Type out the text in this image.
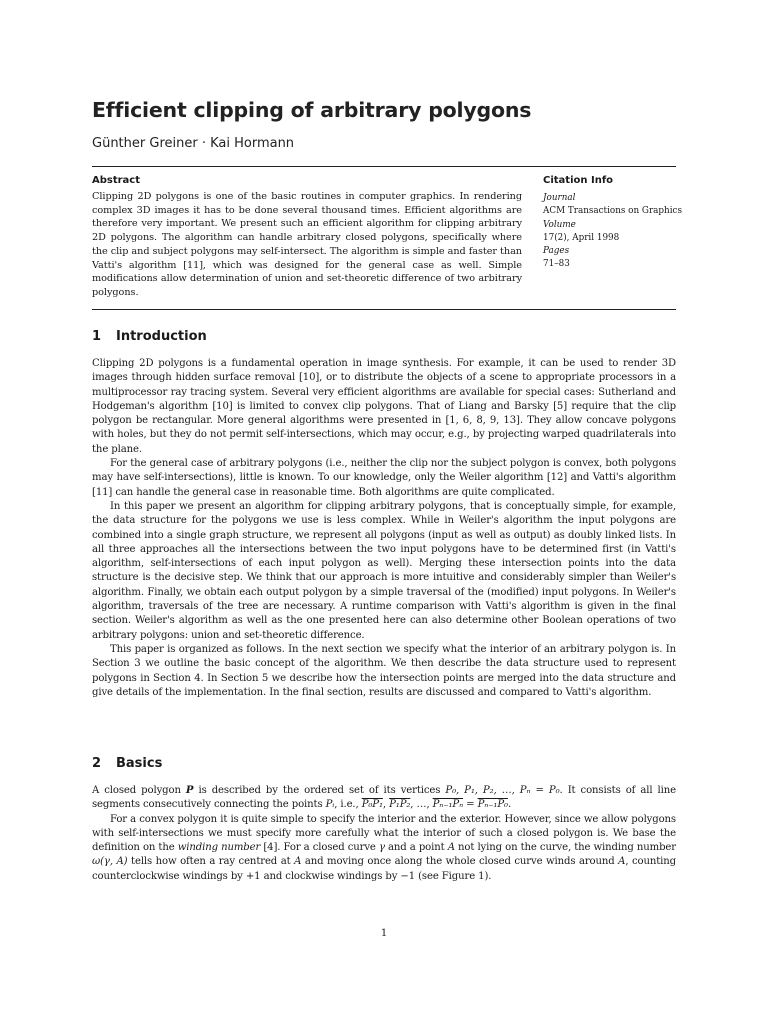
Efficient clipping of arbitrary polygons
Günther Greiner · Kai Hormann
Abstract
Clipping 2D polygons is one of the basic routines in computer graphics. In rendering complex 3D images it has to be done several thousand times. Efficient algorithms are therefore very important. We present such an efficient algorithm for clipping arbitrary 2D polygons. The algorithm can handle arbitrary closed polygons, specifically where the clip and subject polygons may self-intersect. The algorithm is simple and faster than Vatti's algorithm [11], which was designed for the general case as well. Simple modifications allow determination of union and set-theoretic difference of two arbitrary polygons.
Citation Info
Journal
ACM Transactions on Graphics
Volume
17(2), April 1998
Pages
71–83
1 Introduction

Clipping 2D polygons is a fundamental operation in image synthesis. For example, it can be used to render 3D images through hidden surface removal [10], or to distribute the objects of a scene to appropriate processors in a multiprocessor ray tracing system. Several very efficient algorithms are available for special cases: Sutherland and Hodgeman's algorithm [10] is limited to convex clip polygons. That of Liang and Barsky [5] require that the clip polygon be rectangular. More general algorithms were presented in [1, 6, 8, 9, 13]. They allow concave polygons with holes, but they do not permit self-intersections, which may occur, e.g., by projecting warped quadrilaterals into the plane.

For the general case of arbitrary polygons (i.e., neither the clip nor the subject polygon is convex, both polygons may have self-intersections), little is known. To our knowledge, only the Weiler algorithm [12] and Vatti's algorithm [11] can handle the general case in reasonable time. Both algorithms are quite complicated.

In this paper we present an algorithm for clipping arbitrary polygons, that is conceptually simple, for example, the data structure for the polygons we use is less complex. While in Weiler's algorithm the input polygons are combined into a single graph structure, we represent all polygons (input as well as output) as doubly linked lists. In all three approaches all the intersections between the two input polygons have to be determined first (in Vatti's algorithm, self-intersections of each input polygon as well). Merging these intersection points into the data structure is the decisive step. We think that our approach is more intuitive and considerably simpler than Weiler's algorithm. Finally, we obtain each output polygon by a simple traversal of the (modified) input polygons. In Weiler's algorithm, traversals of the tree are necessary. A runtime comparison with Vatti's algorithm is given in the final section. Weiler's algorithm as well as the one presented here can also determine other Boolean operations of two arbitrary polygons: union and set-theoretic difference.

This paper is organized as follows. In the next section we specify what the interior of an arbitrary polygon is. In Section 3 we outline the basic concept of the algorithm. We then describe the data structure used to represent polygons in Section 4. In Section 5 we describe how the intersection points are merged into the data structure and give details of the implementation. In the final section, results are discussed and compared to Vatti's algorithm.

2 Basics

A closed polygon P is described by the ordered set of its vertices P₀, P₁, P₂, …, Pₙ = P₀. It consists of all line segments consecutively connecting the points Pᵢ, i.e., P₀P₁, P₁P₂, …, Pₙ₋₁Pₙ = Pₙ₋₁P₀.

For a convex polygon it is quite simple to specify the interior and the exterior. However, since we allow polygons with self-intersections we must specify more carefully what the interior of such a closed polygon is. We base the definition on the winding number [4]. For a closed curve γ and a point A not lying on the curve, the winding number ω(γ, A) tells how often a ray centred at A and moving once along the whole closed curve winds around A, counting counterclockwise windings by +1 and clockwise windings by −1 (see Figure 1).

1
